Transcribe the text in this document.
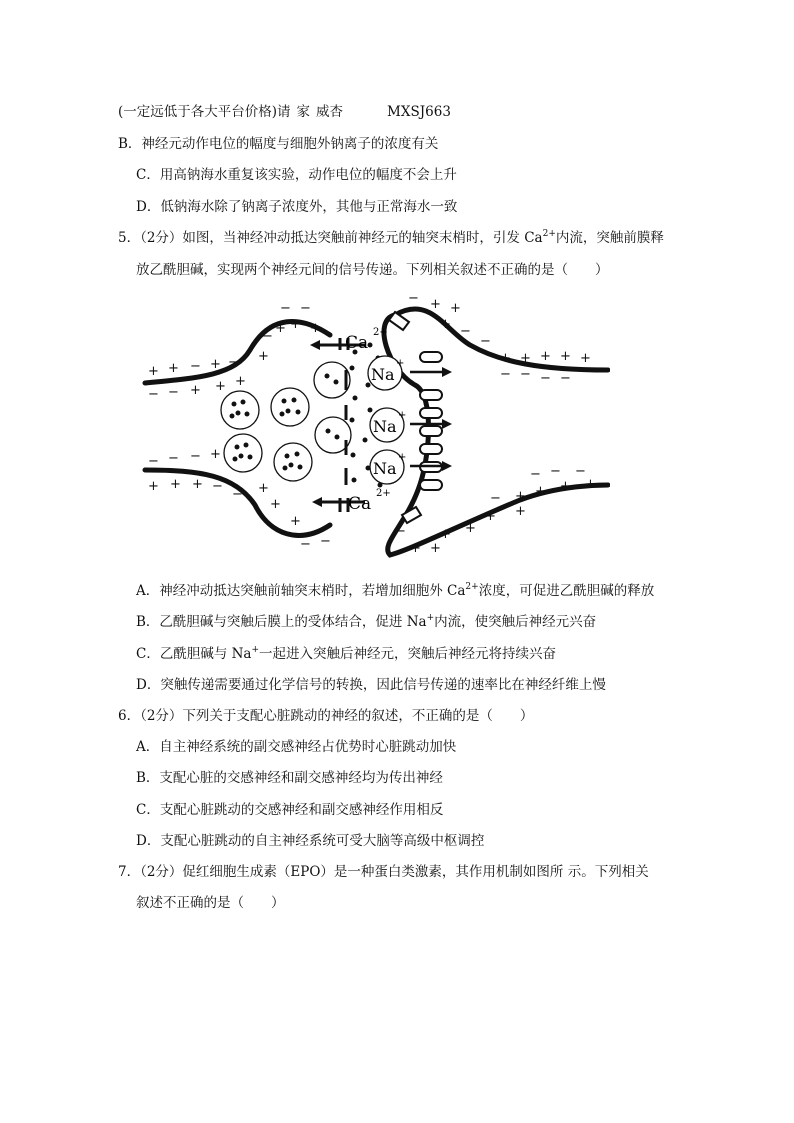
(一定远低于各大平台价格)请 家 威杏	MXSJ663
B．神经元动作电位的幅度与细胞外钠离子的浓度有关
C．用高钠海水重复该实验，动作电位的幅度不会上升
D．低钠海水除了钠离子浓度外，其他与正常海水一致
5．（2分）如图，当神经冲动抵达突触前神经元的轴突末梢时，引发 $Ca^{2+}$内流，突触前膜释
放乙酰胆碱，实现两个神经元间的信号传递。下列相关叙述不正确的是（　　）
Ca
2+
Ca
2+
Na
+
Na
+
Na
+
+ + − + −
− − + + +
+
−
+ +
− −
+
− − − +
+ + + −
− +
+
+
− −
− + +
+ −
−
+ + + + +
− − − −
− + + + +
+ +
+ +
− − −
+ +
−
A．神经冲动抵达突触前轴突末梢时，若增加细胞外 $Ca^{2+}$浓度，可促进乙酰胆碱的释放
B．乙酰胆碱与突触后膜上的受体结合，促进 Na+内流，使突触后神经元兴奋
C．乙酰胆碱与 Na+一起进入突触后神经元，突触后神经元将持续兴奋
D．突触传递需要通过化学信号的转换，因此信号传递的速率比在神经纤维上慢
6．（2分）下列关于支配心脏跳动的神经的叙述，不正确的是（　　）
A．自主神经系统的副交感神经占优势时心脏跳动加快
B．支配心脏的交感神经和副交感神经均为传出神经
C．支配心脏跳动的交感神经和副交感神经作用相反
D．支配心脏跳动的自主神经系统可受大脑等高级中枢调控
7．（2分）促红细胞生成素（EPO）是一种蛋白类激素，其作用机制如图所 示。下列相关
叙述不正确的是（　　）
